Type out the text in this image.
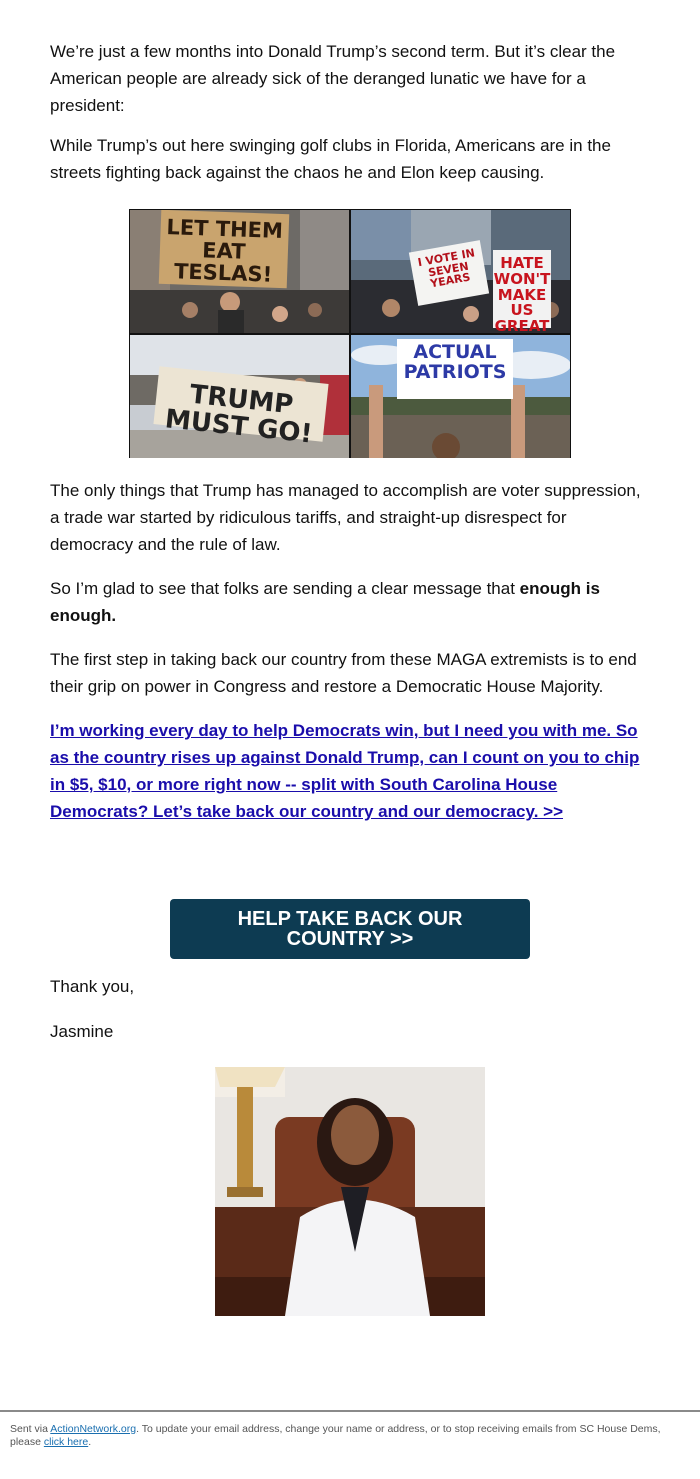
We’re just a few months into Donald Trump’s second term. But it’s clear the American people are already sick of the deranged lunatic we have for a president:

While Trump’s out here swinging golf clubs in Florida, Americans are in the streets fighting back against the chaos he and Elon keep causing.

LET THEM EAT TESLAS!
I VOTE IN SEVEN YEARS
HATE WON'T MAKE US GREAT
TRUMP MUST GO!
ACTUAL PATRIOTS

The only things that Trump has managed to accomplish are voter suppression, a trade war started by ridiculous tariffs, and straight-up disrespect for democracy and the rule of law.

So I’m glad to see that folks are sending a clear message that enough is enough.

The first step in taking back our country from these MAGA extremists is to end their grip on power in Congress and restore a Democratic House Majority.

I’m working every day to help Democrats win, but I need you with me. So as the country rises up against Donald Trump, can I count on you to chip in $5, $10, or more right now -- split with South Carolina House Democrats? Let’s take back our country and our democracy. >>
HELP TAKE BACK OUR COUNTRY >>
Thank you,
Jasmine
Sent via ActionNetwork.org. To update your email address, change your name or address, or to stop receiving emails from SC House Dems, please click here.
